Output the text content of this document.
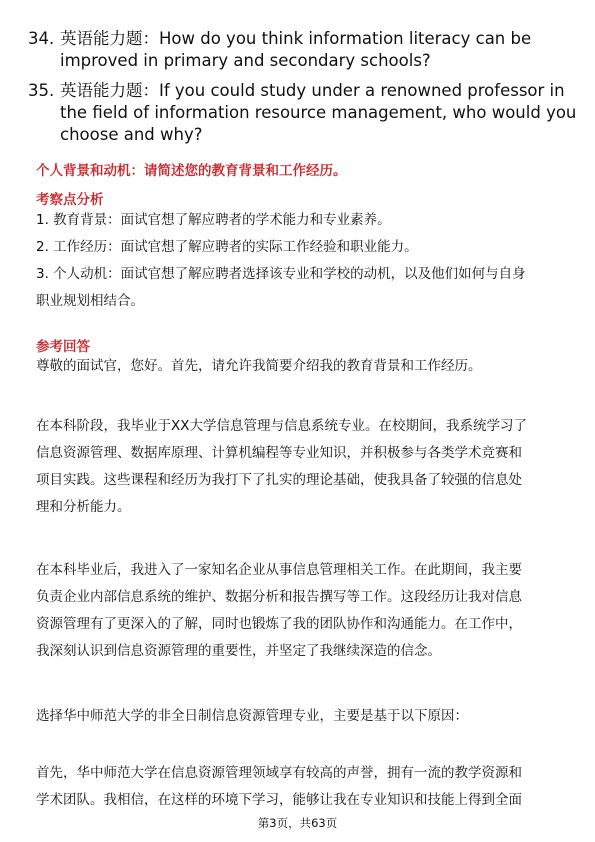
34. 英语能力题：How do you think information literacy can be
improved in primary and secondary schools?
35. 英语能力题：If you could study under a renowned professor in
the field of information resource management, who would you
choose and why?
个人背景和动机：请简述您的教育背景和工作经历。
考察点分析
1. 教育背景：面试官想了解应聘者的学术能力和专业素养。
2. 工作经历：面试官想了解应聘者的实际工作经验和职业能力。
3. 个人动机：面试官想了解应聘者选择该专业和学校的动机，以及他们如何与自身
职业规划相结合。
参考回答
尊敬的面试官，您好。首先，请允许我简要介绍我的教育背景和工作经历。
在本科阶段，我毕业于XX大学信息管理与信息系统专业。在校期间，我系统学习了
信息资源管理、数据库原理、计算机编程等专业知识，并积极参与各类学术竞赛和
项目实践。这些课程和经历为我打下了扎实的理论基础，使我具备了较强的信息处
理和分析能力。
在本科毕业后，我进入了一家知名企业从事信息管理相关工作。在此期间，我主要
负责企业内部信息系统的维护、数据分析和报告撰写等工作。这段经历让我对信息
资源管理有了更深入的了解，同时也锻炼了我的团队协作和沟通能力。在工作中，
我深刻认识到信息资源管理的重要性，并坚定了我继续深造的信念。
选择华中师范大学的非全日制信息资源管理专业，主要是基于以下原因：
首先，华中师范大学在信息资源管理领域享有较高的声誉，拥有一流的教学资源和
学术团队。我相信，在这样的环境下学习，能够让我在专业知识和技能上得到全面
第3页，共63页
